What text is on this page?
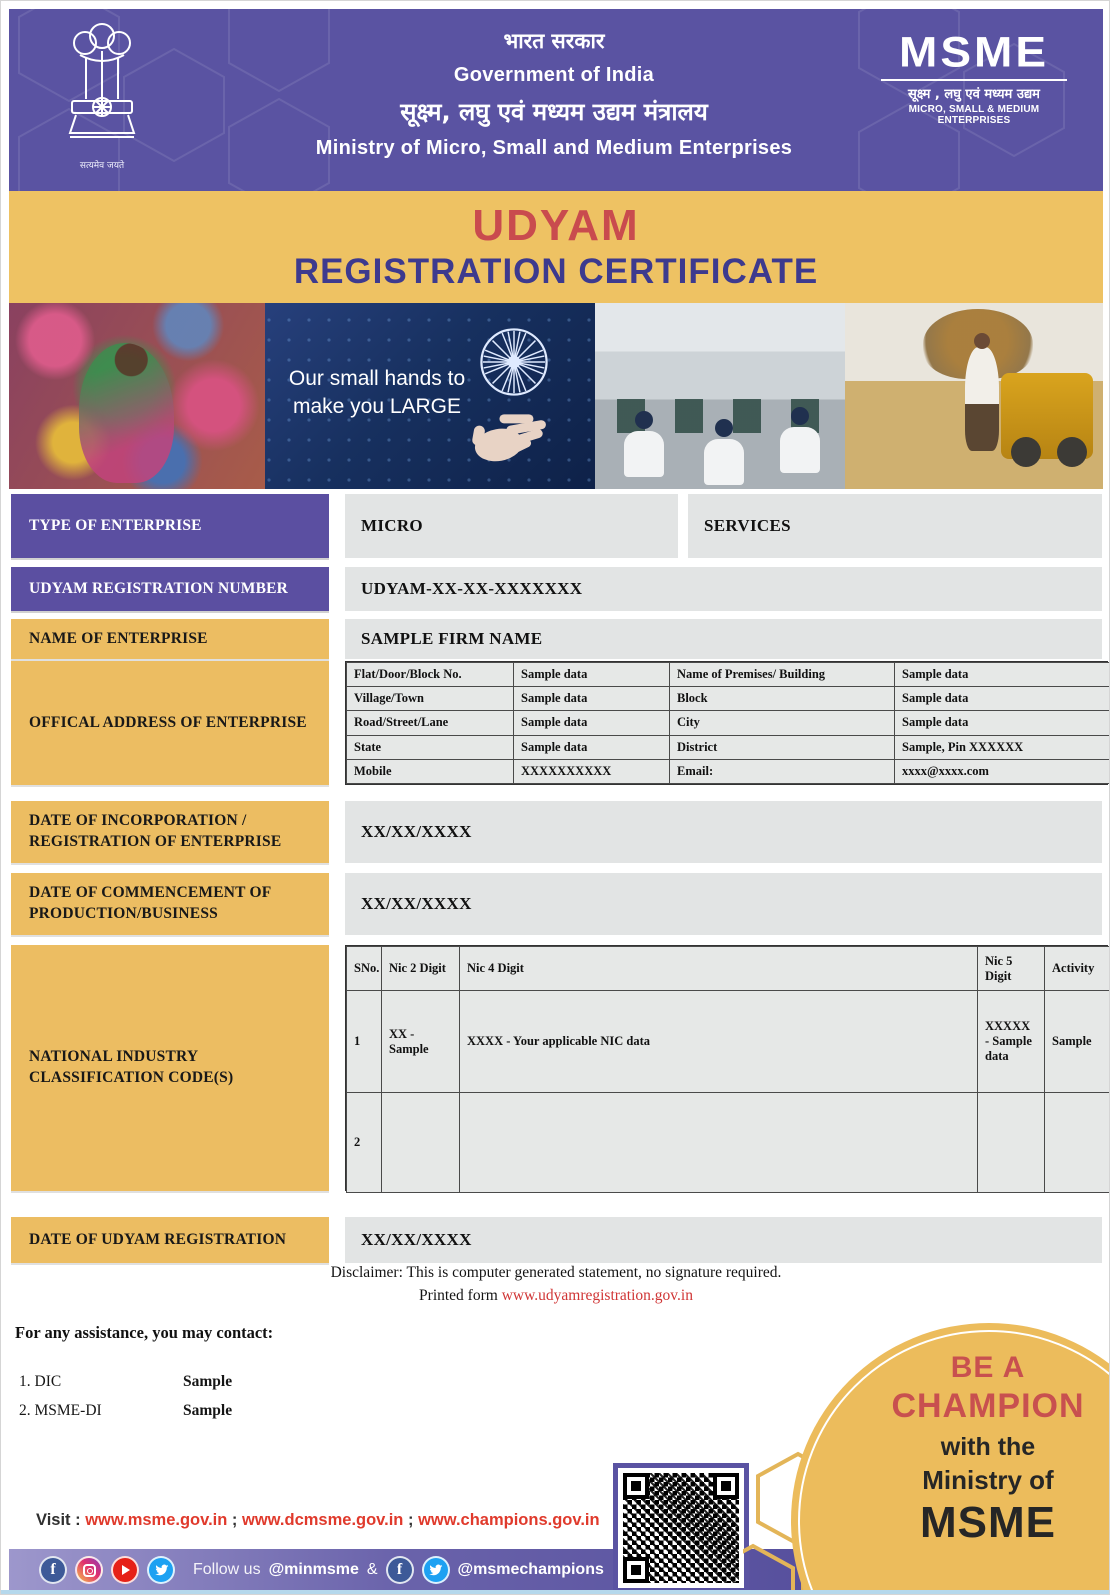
सत्यमेव जयते
भारत सरकार
Government of India
सूक्ष्म, लघु एवं मध्यम उद्यम मंत्रालय
Ministry of Micro, Small and Medium Enterprises
MSME
सूक्ष्म , लघु एवं मध्यम उद्यम
MICRO, SMALL & MEDIUM ENTERPRISES
UDYAM
REGISTRATION CERTIFICATE
Our small hands to
make you LARGE
TYPE OF ENTERPRISE	MICRO	SERVICES
UDYAM REGISTRATION NUMBER	UDYAM-XX-XX-XXXXXXX
NAME OF ENTERPRISE	SAMPLE FIRM NAME
OFFICAL ADDRESS OF ENTERPRISE
Flat/Door/Block No.	Sample data	Name of Premises/ Building	Sample data
Village/Town	Sample data	Block	Sample data
Road/Street/Lane	Sample data	City	Sample data
State	Sample data	District	Sample, Pin XXXXXX
Mobile	XXXXXXXXXX	Email:	xxxx@xxxx.com
DATE OF INCORPORATION / REGISTRATION OF ENTERPRISE
XX/XX/XXXX
DATE OF COMMENCEMENT OF PRODUCTION/BUSINESS
XX/XX/XXXX
NATIONAL INDUSTRY CLASSIFICATION CODE(S)
SNo.	Nic 2 Digit	Nic 4 Digit	Nic 5 Digit	Activity
1	XX - Sample	XXXX - Your applicable NIC data	XXXXX - Sample data	Sample
2				
DATE OF UDYAM REGISTRATION	XX/XX/XXXX
Disclaimer: This is computer generated statement, no signature required.
Printed form www.udyamregistration.gov.in
For any assistance, you may contact:
1. DIC	Sample
2. MSME-DI	Sample
Visit : www.msme.gov.in ; www.dcmsme.gov.in ; www.champions.gov.in
f	Follow us @minmsme &	f	@msmechampions
BE A
CHAMPION
with the
Ministry of
MSME
